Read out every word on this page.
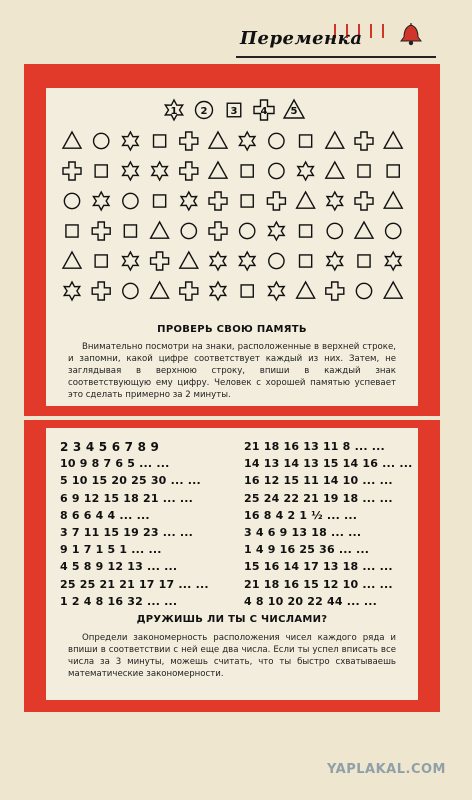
Переменка
1 2 3 4 5
ПРОВЕРЬ СВОЮ ПАМЯТЬ
Внимательно посмотри на знаки, расположенные в верхней строке, и запомни, какой цифре соответствует каждый из них. Затем, не заглядывая в верхнюю строку, впиши в каждый знак соответствующую ему цифру. Человек с хорошей памятью успевает это сделать примерно за 2 минуты.
ДРУЖИШЬ ЛИ ТЫ С ЧИСЛАМИ?
Определи закономерность расположения чисел каждого ряда и впиши в соответствии с ней еще два числа. Если ты успел вписать все числа за 3 минуты, можешь считать, что ты быстро схватываешь математические закономерности.
2 3 4 5 6 7 8 9
10 9 8 7 6 5 ... ...
5 10 15 20 25 30 ... ...
6 9 12 15 18 21 ... ...
8 6 6 4 4 ... ...
3 7 11 15 19 23 ... ...
9 1 7 1 5 1 ... ...
4 5 8 9 12 13 ... ...
25 25 21 21 17 17 ... ...
1 2 4 8 16 32 ... ...
21 18 16 13 11 8 ... ...
14 13 14 13 15 14 16 ... ...
16 12 15 11 14 10 ... ...
25 24 22 21 19 18 ... ...
16 8 4 2 1 ½ ... ...
3 4 6 9 13 18 ... ...
1 4 9 16 25 36 ... ...
15 16 14 17 13 18 ... ...
21 18 16 15 12 10 ... ...
4 8 10 20 22 44 ... ...
YAPLAKAL.COM
